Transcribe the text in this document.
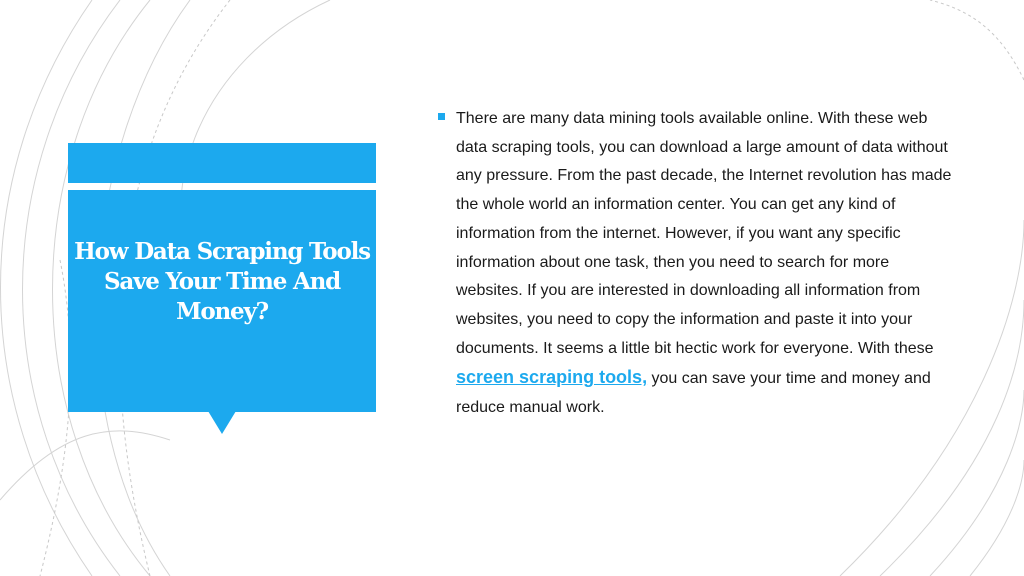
How Data Scraping Tools Save Your Time And Money?

There are many data mining tools available online. With these web data scraping tools, you can download a large amount of data without any pressure. From the past decade, the Internet revolution has made the whole world an information center. You can get any kind of information from the internet. However, if you want any specific information about one task, then you need to search for more websites. If you are interested in downloading all information from websites, you need to copy the information and paste it into your documents. It seems a little bit hectic work for everyone. With these screen scraping tools, you can save your time and money and reduce manual work.
